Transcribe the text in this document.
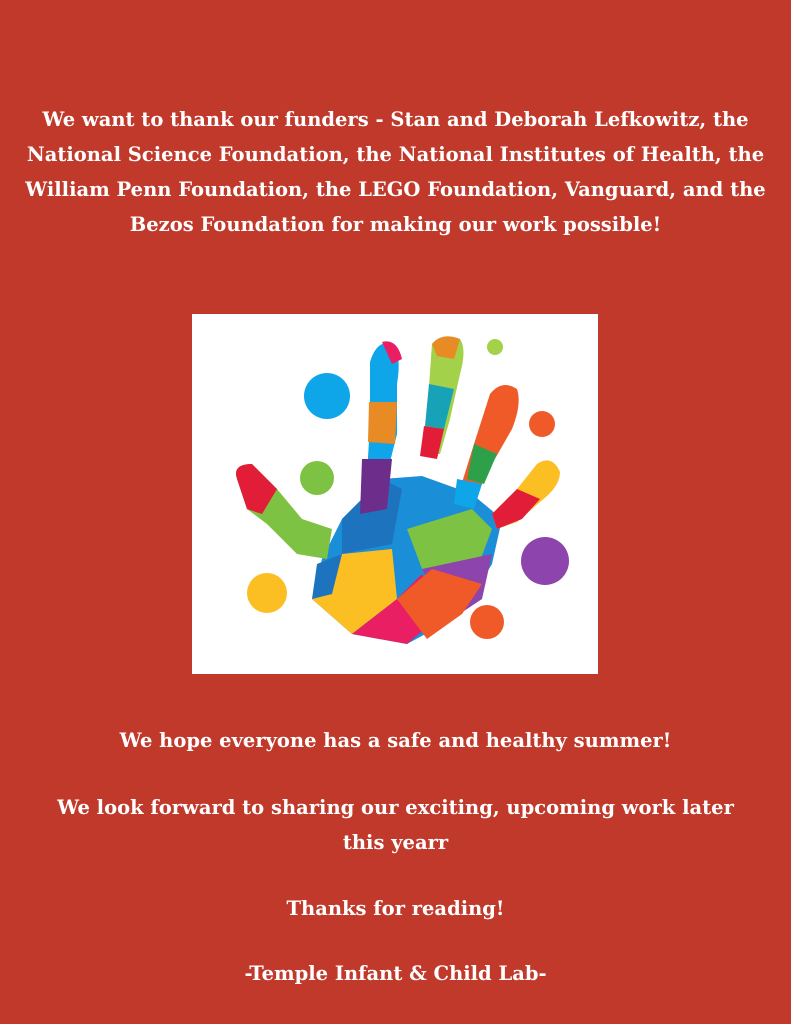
We want to thank our funders - Stan and Deborah Lefkowitz, the National Science Foundation, the National Institutes of Health, the William Penn Foundation, the LEGO Foundation, Vanguard, and the Bezos Foundation for making our work possible!

We hope everyone has a safe and healthy summer!

We look forward to sharing our exciting, upcoming work later this yearr

Thanks for reading!

-Temple Infant & Child Lab-
